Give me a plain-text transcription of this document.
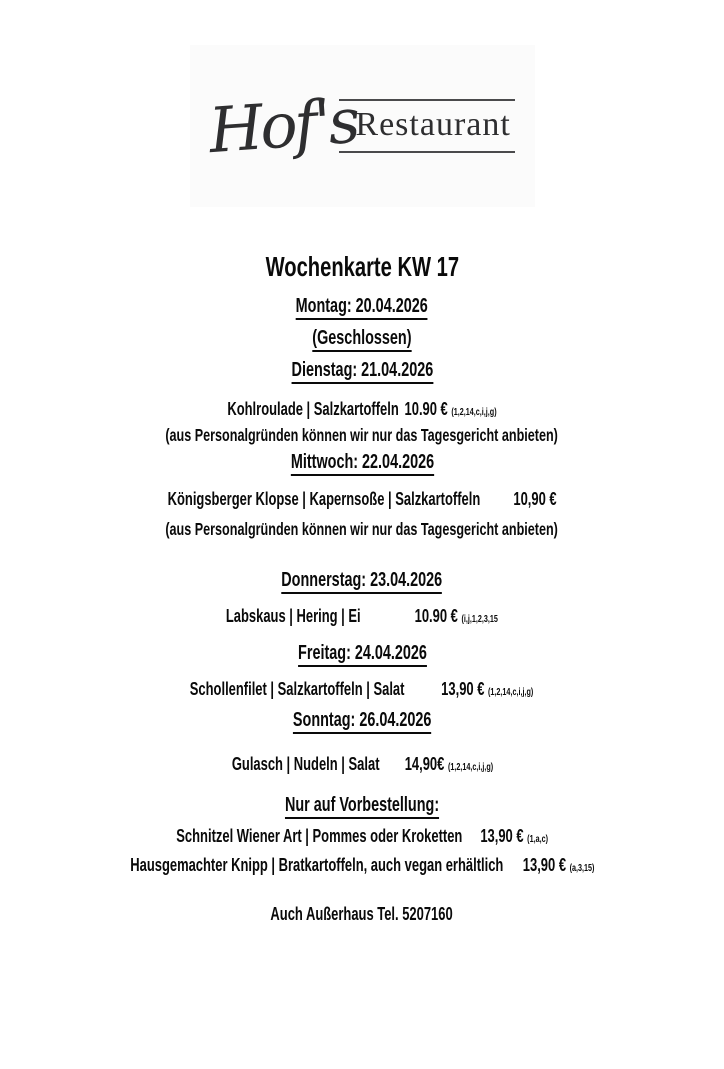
Hof's
Restaurant
Wochenkarte KW 17
Montag: 20.04.2026
(Geschlossen)
Dienstag: 21.04.2026
Kohlroulade | Salzkartoffeln 10.90 € (1,2,14,c,i,j,g)
(aus Personalgründen können wir nur das Tagesgericht anbieten)
Mittwoch: 22.04.2026
Königsberger Klopse | Kapernsoße | Salzkartoffeln 10,90 €
(aus Personalgründen können wir nur das Tagesgericht anbieten)
Donnerstag: 23.04.2026
Labskaus | Hering | Ei	10.90 € (i,j,1,2,3,15
Freitag: 24.04.2026
Schollenfilet | Salzkartoffeln | Salat 13,90 € (1,2,14,c,i,j,g)
Sonntag: 26.04.2026
Gulasch | Nudeln | Salat 14,90€ (1,2,14,c,i,j,g)
Nur auf Vorbestellung:
Schnitzel Wiener Art | Pommes oder Kroketten 13,90 € (1,a,c)
Hausgemachter Knipp | Bratkartoffeln, auch vegan erhältlich 13,90 € (a,3,15)
Auch Außerhaus Tel. 5207160
